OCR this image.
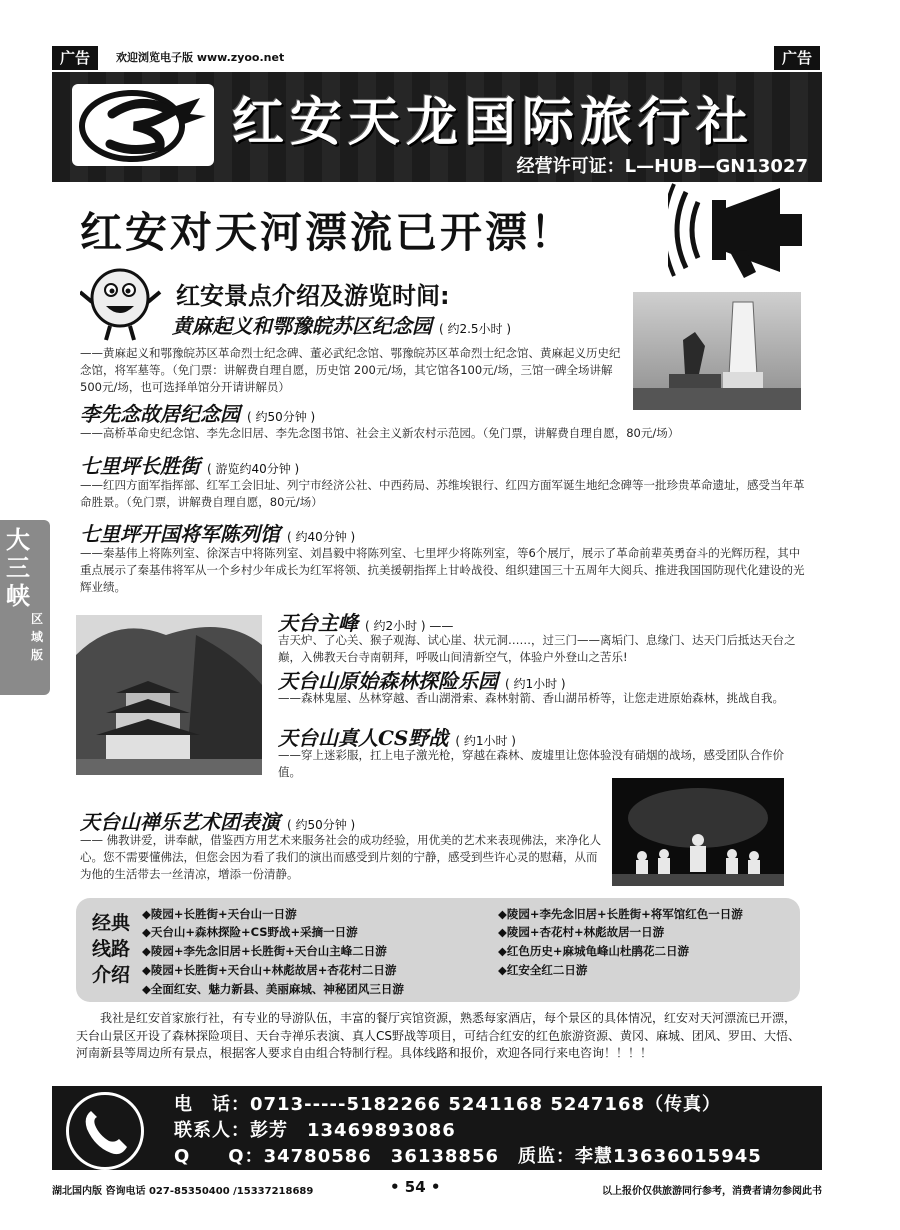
广告	欢迎浏览电子版 www.zyoo.net	广告
红安天龙国际旅行社
经营许可证：L—HUB—GN13027
红安对天河漂流已开漂！
红安景点介绍及游览时间:
黄麻起义和鄂豫皖苏区纪念园 ( 约2.5小时 )
——黄麻起义和鄂豫皖苏区革命烈士纪念碑、董必武纪念馆、鄂豫皖苏区革命烈士纪念馆、黄麻起义历史纪念馆，将军墓等。（免门票：讲解费自理自愿，历史馆 200元/场，其它馆各100元/场，三馆一碑全场讲解500元/场，也可选择单馆分开请讲解员）
李先念故居纪念园 ( 约50分钟 )
——高桥革命史纪念馆、李先念旧居、李先念图书馆、社会主义新农村示范园。（免门票，讲解费自理自愿，80元/场）
七里坪长胜街 ( 游览约40分钟 )
——红四方面军指挥部、红军工会旧址、列宁市经济公社、中西药局、苏维埃银行、红四方面军诞生地纪念碑等一批珍贵革命遗址，感受当年革命胜景。（免门票，讲解费自理自愿，80元/场）
七里坪开国将军陈列馆 ( 约40分钟 )
——秦基伟上将陈列室、徐深吉中将陈列室、刘昌毅中将陈列室、七里坪少将陈列室，等6个展厅，展示了革命前辈英勇奋斗的光辉历程，其中重点展示了秦基伟将军从一个乡村少年成长为红军将领、抗美援朝指挥上甘岭战役、组织建国三十五周年大阅兵、推进我国国防现代化建设的光辉业绩。
天台主峰 ( 约2小时 ) ——
吉天炉、了心关、猴子观海、试心崖、状元洞……，过三门——离垢门、息缘门、达天门后抵达天台之巅，入佛教天台寺南朝拜，呼吸山间清新空气，体验户外登山之苦乐!
天台山原始森林探险乐园 ( 约1小时 )
——森林鬼屋、丛林穿越、香山湖滑索、森林射箭、香山湖吊桥等，让您走进原始森林，挑战自我。
天台山真人CS野战 ( 约1小时 )
——穿上迷彩服，扛上电子激光枪，穿越在森林、废墟里让您体验没有硝烟的战场，感受团队合作价值。
天台山禅乐艺术团表演 ( 约50分钟 )
—— 佛教讲爱，讲奉献，借鉴西方用艺术来服务社会的成功经验，用优美的艺术来表现佛法，来净化人心。您不需要懂佛法，但您会因为看了我们的演出而感受到片刻的宁静，感受到些许心灵的慰藉，从而为他的生活带去一丝清凉，增添一份清静。
经典线路介绍
◆陵园+长胜街+天台山一日游
◆天台山+森林探险+CS野战+采摘一日游
◆陵园+李先念旧居+长胜街+天台山主峰二日游
◆陵园+长胜街+天台山+林彪故居+杏花村二日游
◆全面红安、魅力新县、美丽麻城、神秘团风三日游
◆陵园+李先念旧居+长胜街+将军馆红色一日游
◆陵园+杏花村+林彪故居一日游
◆红色历史+麻城龟峰山杜鹃花二日游
◆红安全红二日游
我社是红安首家旅行社，有专业的导游队伍，丰富的餐厅宾馆资源，熟悉每家酒店，每个景区的具体情况，红安对天河漂流已开漂，天台山景区开设了森林探险项目、天台寺禅乐表演、真人CS野战等项目，可结合红安的红色旅游资源、黄冈、麻城、团风、罗田、大悟、河南新县等周边所有景点，根据客人要求自由组合特制行程。具体线路和报价，欢迎各同行来电咨询！！！！
电　话：0713-----5182266 5241168 5247168（传真）
联系人：彭芳　13469893086
Q　　Q：34780586　36138856　质监：李慧13636015945
湖北国内版 咨询电话 027-85350400 /15337218689	• 54 •	以上报价仅供旅游同行参考，消费者请勿参阅此书
大三峡
区域版
